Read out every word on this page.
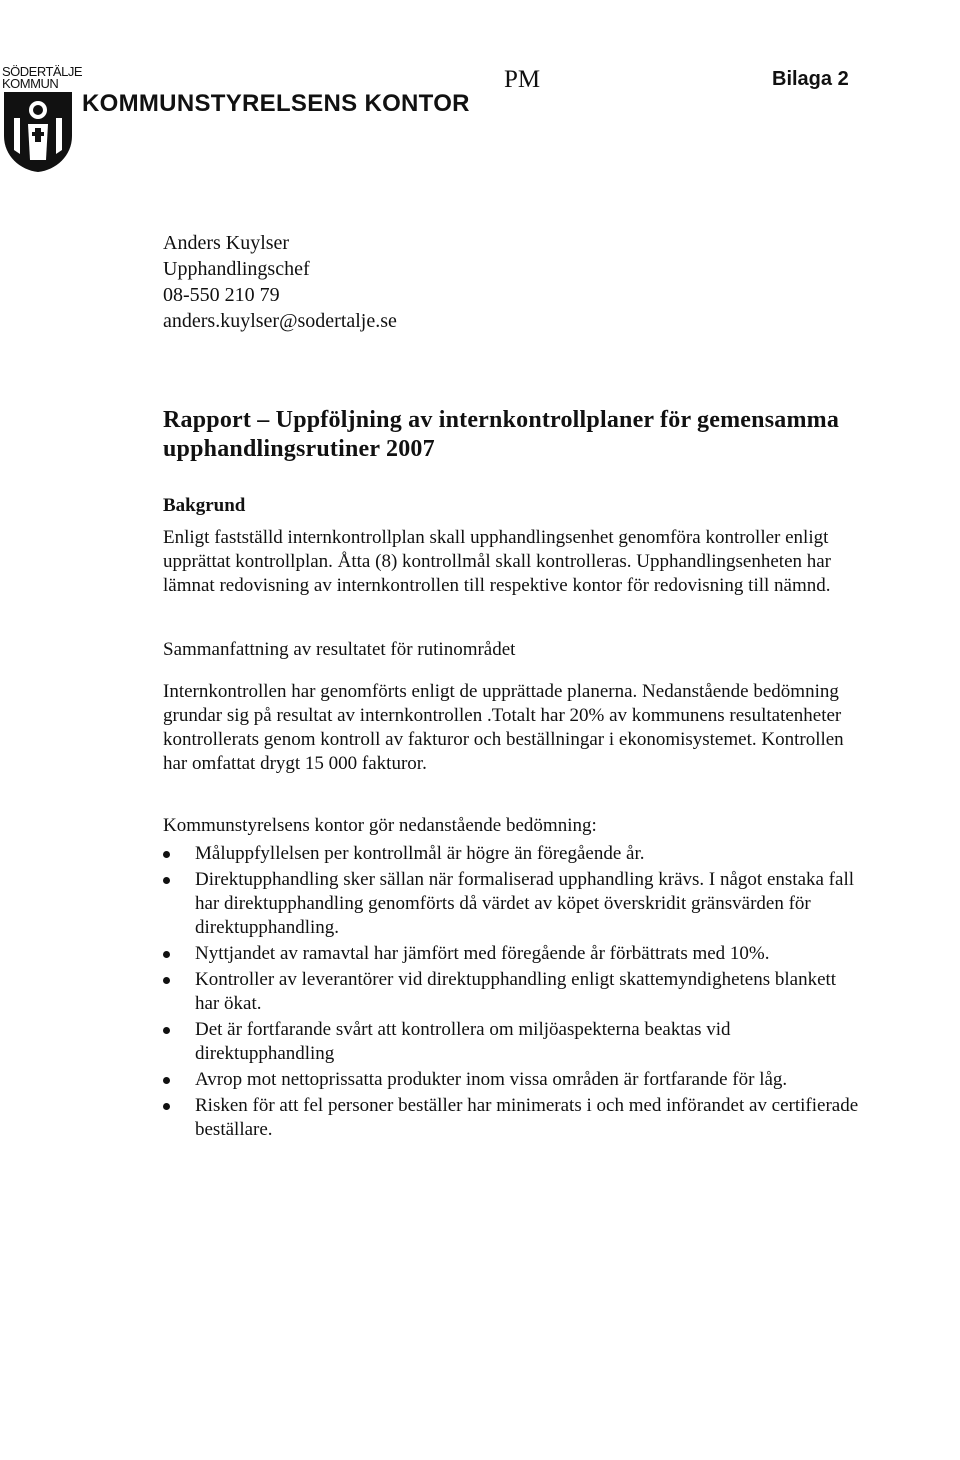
SÖDERTÄLJE
KOMMUN
KOMMUNSTYRELSENS KONTOR
PM	Bilaga 2

Anders Kuylser

Upphandlingschef

08-550 210 79

anders.kuylser@sodertalje.se

Rapport – Uppföljning av internkontrollplaner för gemensamma upphandlingsrutiner 2007
Bakgrund

Enligt fastställd internkontrollplan skall upphandlingsenhet genomföra kontroller enligt upprättat kontrollplan. Åtta (8) kontrollmål skall kontrolleras. Upphandlingsenheten har lämnat redovisning av internkontrollen till respektive kontor för redovisning till nämnd.

Sammanfattning av resultatet för rutinområdet

Internkontrollen har genomförts enligt de upprättade planerna. Nedanstående bedömning grundar sig på resultat av internkontrollen .Totalt har 20% av kommunens resultatenheter kontrollerats genom kontroll av fakturor och beställningar i ekonomisystemet. Kontrollen har omfattat drygt 15 000 fakturor.

Kommunstyrelsens kontor gör nedanstående bedömning:

Måluppfyllelsen per kontrollmål är högre än föregående år.
Direktupphandling sker sällan när formaliserad upphandling krävs. I något enstaka fall har direktupphandling genomförts då värdet av köpet överskridit gränsvärden för direktupphandling.
Nyttjandet av ramavtal har jämfört med föregående år förbättrats med 10%.
Kontroller av leverantörer vid direktupphandling enligt skattemyndighetens blankett har ökat.
Det är fortfarande svårt att kontrollera om miljöaspekterna beaktas vid direktupphandling
Avrop mot nettoprissatta produkter inom vissa områden är fortfarande för låg.
Risken för att fel personer beställer har minimerats i och med införandet av certifierade beställare.
